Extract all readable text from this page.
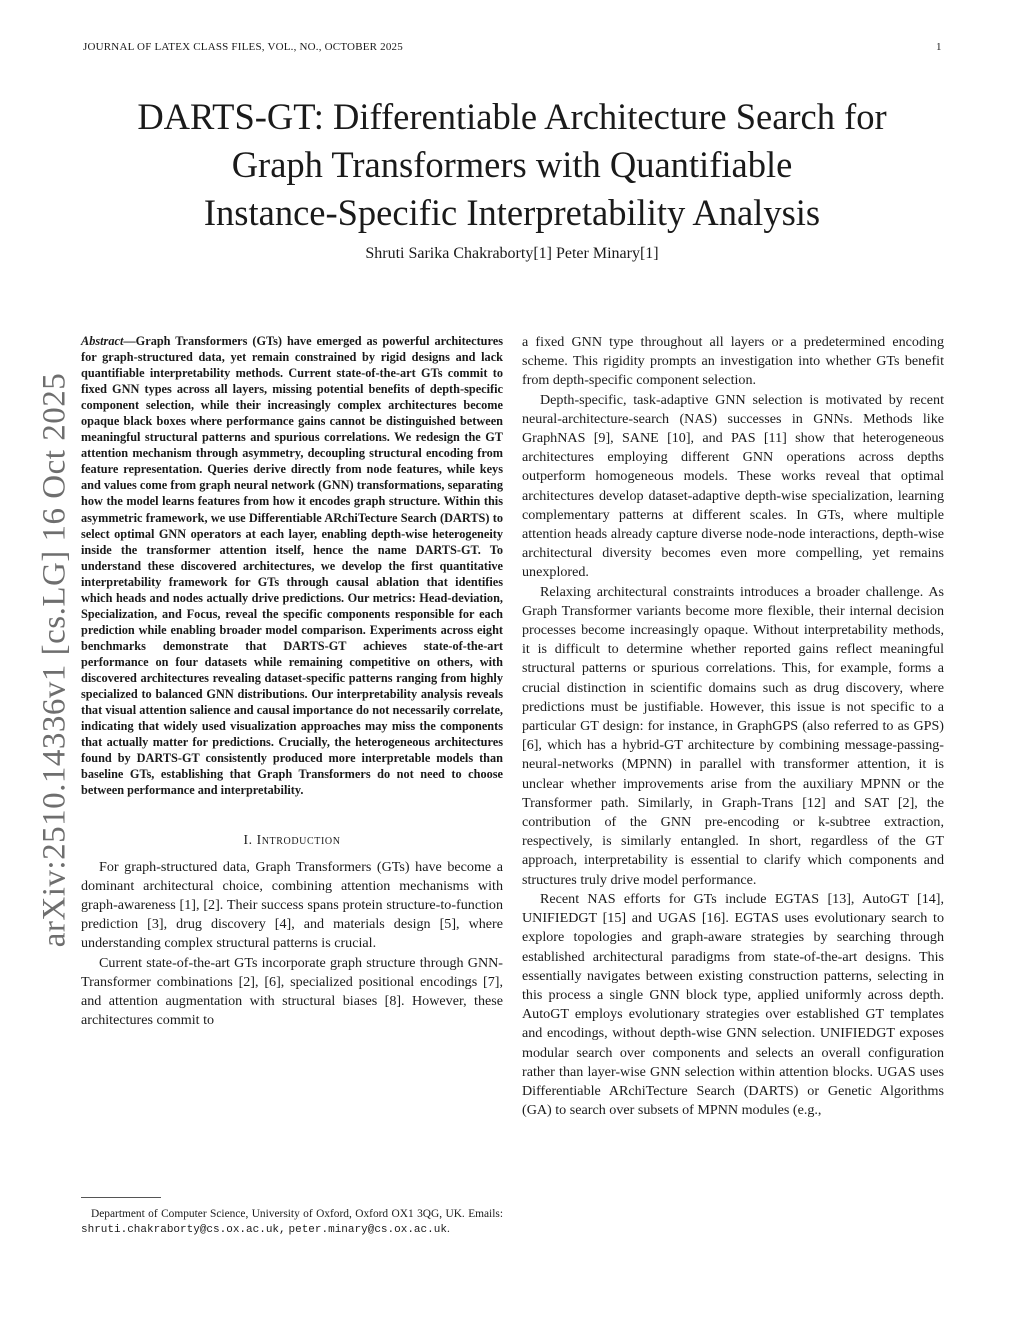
JOURNAL OF LATEX CLASS FILES, VOL., NO., OCTOBER 2025	1
DARTS-GT: Differentiable Architecture Search for
Graph Transformers with Quantifiable
Instance-Specific Interpretability Analysis
Shruti Sarika Chakraborty[1] Peter Minary[1]
arXiv:2510.14336v1 [cs.LG] 16 Oct 2025

Abstract—Graph Transformers (GTs) have emerged as powerful architectures for graph-structured data, yet remain constrained by rigid designs and lack quantifiable interpretability methods. Current state-of-the-art GTs commit to fixed GNN types across all layers, missing potential benefits of depth-specific component selection, while their increasingly complex architectures become opaque black boxes where performance gains cannot be distinguished between meaningful structural patterns and spurious correlations. We redesign the GT attention mechanism through asymmetry, decoupling structural encoding from feature representation. Queries derive directly from node features, while keys and values come from graph neural network (GNN) transformations, separating how the model learns features from how it encodes graph structure. Within this asymmetric framework, we use Differentiable ARchiTecture Search (DARTS) to select optimal GNN operators at each layer, enabling depth-wise heterogeneity inside the transformer attention itself, hence the name DARTS-GT. To understand these discovered architectures, we develop the first quantitative interpretability framework for GTs through causal ablation that identifies which heads and nodes actually drive predictions. Our metrics: Head-deviation, Specialization, and Focus, reveal the specific components responsible for each prediction while enabling broader model comparison. Experiments across eight benchmarks demonstrate that DARTS-GT achieves state-of-the-art performance on four datasets while remaining competitive on others, with discovered architectures revealing dataset-specific patterns ranging from highly specialized to balanced GNN distributions. Our interpretability analysis reveals that visual attention salience and causal importance do not necessarily correlate, indicating that widely used visualization approaches may miss the components that actually matter for predictions. Crucially, the heterogeneous architectures found by DARTS-GT consistently produced more interpretable models than baseline GTs, establishing that Graph Transformers do not need to choose between performance and interpretability.

I. Introduction

For graph-structured data, Graph Transformers (GTs) have become a dominant architectural choice, combining attention mechanisms with graph-awareness [1], [2]. Their success spans protein structure-to-function prediction [3], drug discovery [4], and materials design [5], where understanding complex structural patterns is crucial.

Current state-of-the-art GTs incorporate graph structure through GNN-Transformer combinations [2], [6], specialized positional encodings [7], and attention augmentation with structural biases [8]. However, these architectures commit to

Department of Computer Science, University of Oxford, Oxford OX1 3QG, UK. Emails: shruti.chakraborty@cs.ox.ac.uk, peter.minary@cs.ox.ac.uk.

a fixed GNN type throughout all layers or a predetermined encoding scheme. This rigidity prompts an investigation into whether GTs benefit from depth-specific component selection.

Depth-specific, task-adaptive GNN selection is motivated by recent neural-architecture-search (NAS) successes in GNNs. Methods like GraphNAS [9], SANE [10], and PAS [11] show that heterogeneous architectures employing different GNN operations across depths outperform homogeneous models. These works reveal that optimal architectures develop dataset-adaptive depth-wise specialization, learning complementary patterns at different scales. In GTs, where multiple attention heads already capture diverse node-node interactions, depth-wise architectural diversity becomes even more compelling, yet remains unexplored.

Relaxing architectural constraints introduces a broader challenge. As Graph Transformer variants become more flexible, their internal decision processes become increasingly opaque. Without interpretability methods, it is difficult to determine whether reported gains reflect meaningful structural patterns or spurious correlations. This, for example, forms a crucial distinction in scientific domains such as drug discovery, where predictions must be justifiable. However, this issue is not specific to a particular GT design: for instance, in GraphGPS (also referred to as GPS) [6], which has a hybrid-GT architecture by combining message-passing-neural-networks (MPNN) in parallel with transformer attention, it is unclear whether improvements arise from the auxiliary MPNN or the Transformer path. Similarly, in Graph-Trans [12] and SAT [2], the contribution of the GNN pre-encoding or k-subtree extraction, respectively, is similarly entangled. In short, regardless of the GT approach, interpretability is essential to clarify which components and structures truly drive model performance.

Recent NAS efforts for GTs include EGTAS [13], AutoGT [14], UNIFIEDGT [15] and UGAS [16]. EGTAS uses evolutionary search to explore topologies and graph-aware strategies by searching through established architectural paradigms from state-of-the-art designs. This essentially navigates between existing construction patterns, selecting in this process a single GNN block type, applied uniformly across depth. AutoGT employs evolutionary strategies over established GT templates and encodings, without depth-wise GNN selection. UNIFIEDGT exposes modular search over components and selects an overall configuration rather than layer-wise GNN selection within attention blocks. UGAS uses Differentiable ARchiTecture Search (DARTS) or Genetic Algorithms (GA) to search over subsets of MPNN modules (e.g.,
